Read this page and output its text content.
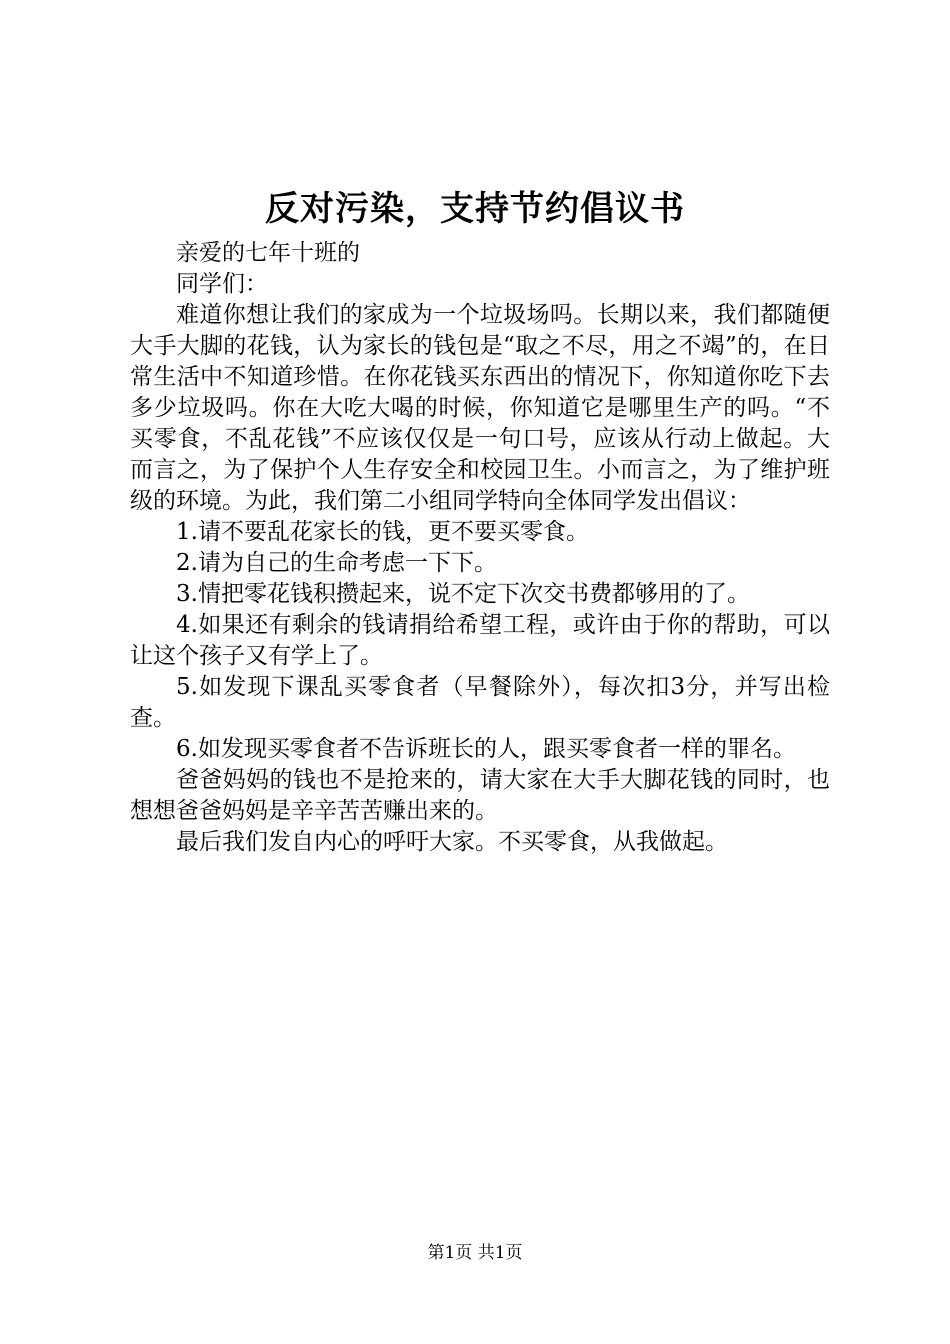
反对污染，支持节约倡议书

亲爱的七年十班的

同学们：

难道你想让我们的家成为一个垃圾场吗。长期以来，我们都随便大手大脚的花钱，认为家长的钱包是“取之不尽，用之不竭”的，在日常生活中不知道珍惜。在你花钱买东西出的情况下，你知道你吃下去多少垃圾吗。你在大吃大喝的时候，你知道它是哪里生产的吗。“不买零食，不乱花钱”不应该仅仅是一句口号，应该从行动上做起。大而言之，为了保护个人生存安全和校园卫生。小而言之，为了维护班级的环境。为此，我们第二小组同学特向全体同学发出倡议：

1.请不要乱花家长的钱，更不要买零食。

2.请为自己的生命考虑一下下。

3.情把零花钱积攒起来，说不定下次交书费都够用的了。

4.如果还有剩余的钱请捐给希望工程，或许由于你的帮助，可以让这个孩子又有学上了。

5.如发现下课乱买零食者（早餐除外），每次扣3分，并写出检查。

6.如发现买零食者不告诉班长的人，跟买零食者一样的罪名。

爸爸妈妈的钱也不是抢来的，请大家在大手大脚花钱的同时，也想想爸爸妈妈是辛辛苦苦赚出来的。

最后我们发自内心的呼吁大家。不买零食，从我做起。

第1页 共1页
